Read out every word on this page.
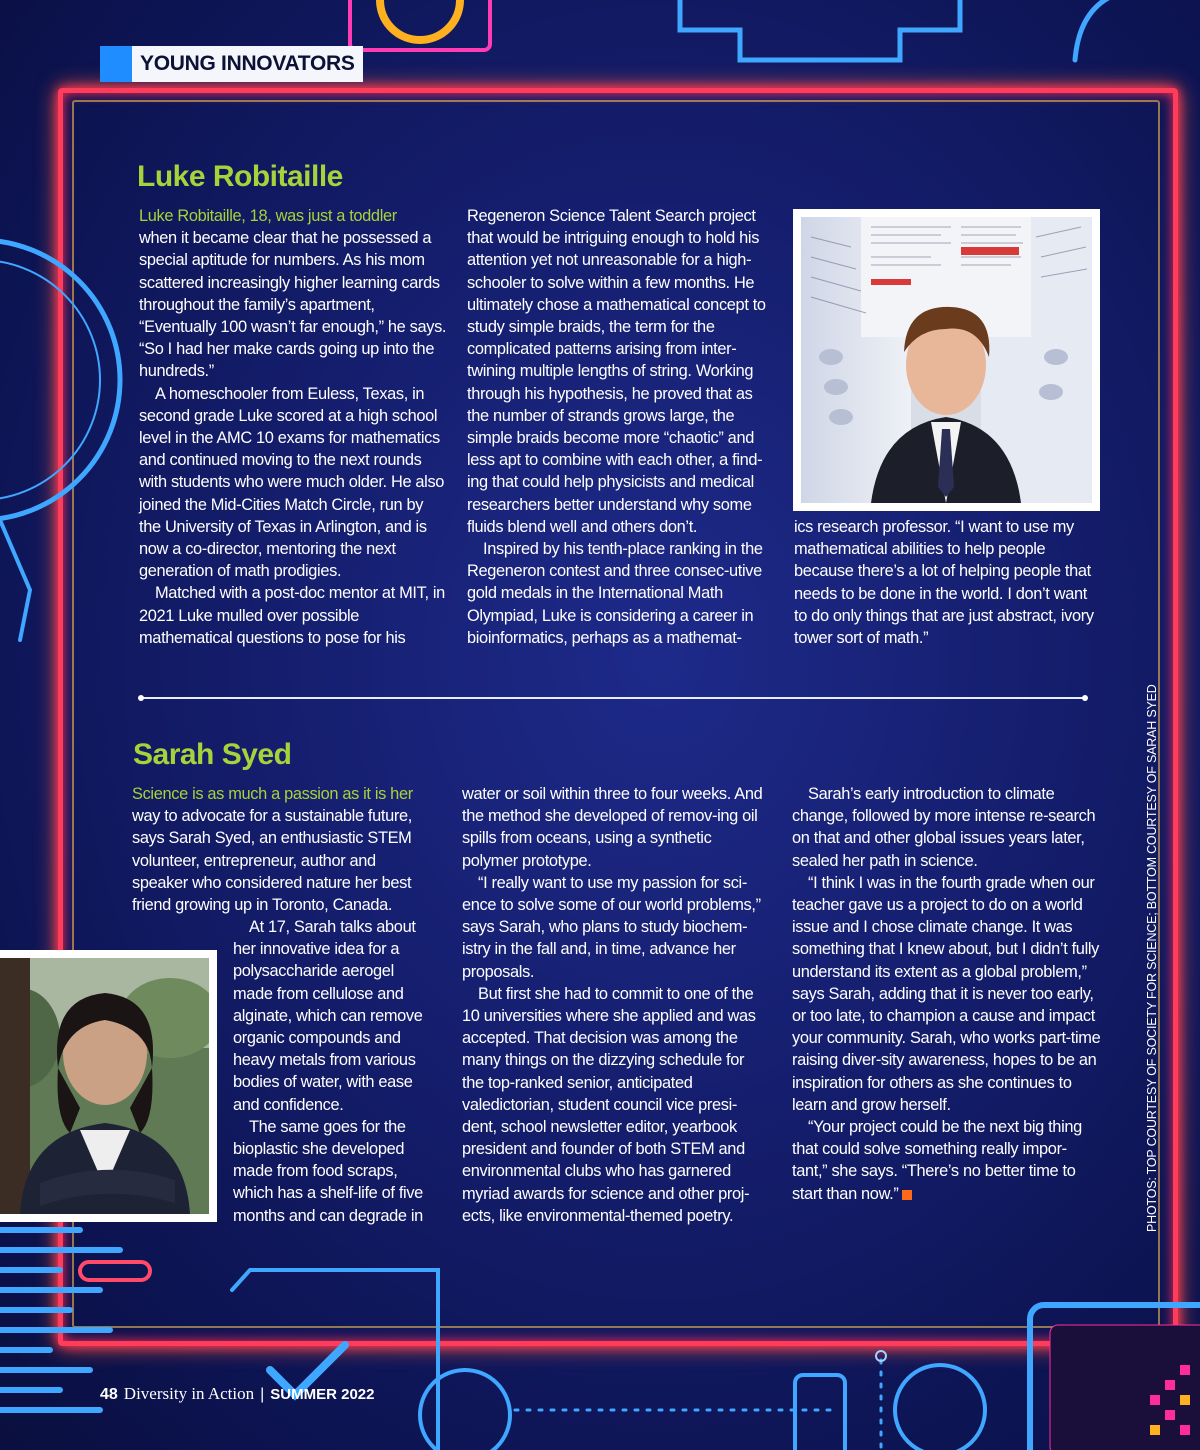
YOUNG INNOVATORS
Luke Robitaille

Luke Robitaille, 18, was just a toddler
when it became clear that he possessed a special aptitude for numbers. As his mom scattered increasingly higher learning cards throughout the family’s apartment, “Eventually 100 wasn’t far enough,” he says. “So I had her make cards going up into the hundreds.”

A homeschooler from Euless, Texas, in second grade Luke scored at a high school level in the AMC 10 exams for mathematics and continued moving to the next rounds with students who were much older. He also joined the Mid-Cities Match Circle, run by the University of Texas in Arlington, and is now a co-director, mentoring the next generation of math prodigies.

Matched with a post-doc mentor at MIT, in 2021 Luke mulled over possible mathematical questions to pose for his

Regeneron Science Talent Search project that would be intriguing enough to hold his attention yet not unreasonable for a high-schooler to solve within a few months. He ultimately chose a mathematical concept to study simple braids, the term for the complicated patterns arising from inter-twining multiple lengths of string. Working through his hypothesis, he proved that as the number of strands grows large, the simple braids become more “chaotic” and less apt to combine with each other, a find-ing that could help physicists and medical researchers better understand why some fluids blend well and others don’t.

Inspired by his tenth-place ranking in the Regeneron contest and three consec-utive gold medals in the International Math Olympiad, Luke is considering a career in bioinformatics, perhaps as a mathemat-

ics research professor. “I want to use my mathematical abilities to help people because there’s a lot of helping people that needs to be done in the world. I don’t want to do only things that are just abstract, ivory tower sort of math.”

Sarah Syed

Science is as much a passion as it is her
way to advocate for a sustainable future, says Sarah Syed, an enthusiastic STEM volunteer, entrepreneur, author and speaker who considered nature her best friend growing up in Toronto, Canada.

At 17, Sarah talks about her innovative idea for a polysaccharide aerogel made from cellulose and alginate, which can remove organic compounds and heavy metals from various bodies of water, with ease and confidence.

The same goes for the bioplastic she developed made from food scraps, which has a shelf-life of five months and can degrade in

water or soil within three to four weeks. And the method she developed of remov-ing oil spills from oceans, using a synthetic polymer prototype.

“I really want to use my passion for sci-ence to solve some of our world problems,” says Sarah, who plans to study biochem-istry in the fall and, in time, advance her proposals.

But first she had to commit to one of the 10 universities where she applied and was accepted. That decision was among the many things on the dizzying schedule for the top-ranked senior, anticipated valedictorian, student council vice presi-dent, school newsletter editor, yearbook president and founder of both STEM and environmental clubs who has garnered myriad awards for science and other proj-ects, like environmental-themed poetry.

Sarah’s early introduction to climate change, followed by more intense re-search on that and other global issues years later, sealed her path in science.

“I think I was in the fourth grade when our teacher gave us a project to do on a world issue and I chose climate change. It was something that I knew about, but I didn’t fully understand its extent as a global problem,” says Sarah, adding that it is never too early, or too late, to champion a cause and impact your community. Sarah, who works part-time raising diver-sity awareness, hopes to be an inspiration for others as she continues to learn and grow herself.

“Your project could be the next big thing that could solve something really impor-tant,” she says. “There’s no better time to start than now.”	PHOTOS: TOP COURTESY OF SOCIETY FOR SCIENCE; BOTTOM COURTESY OF SARAH SYED
48 Diversity in Action | SUMMER 2022
